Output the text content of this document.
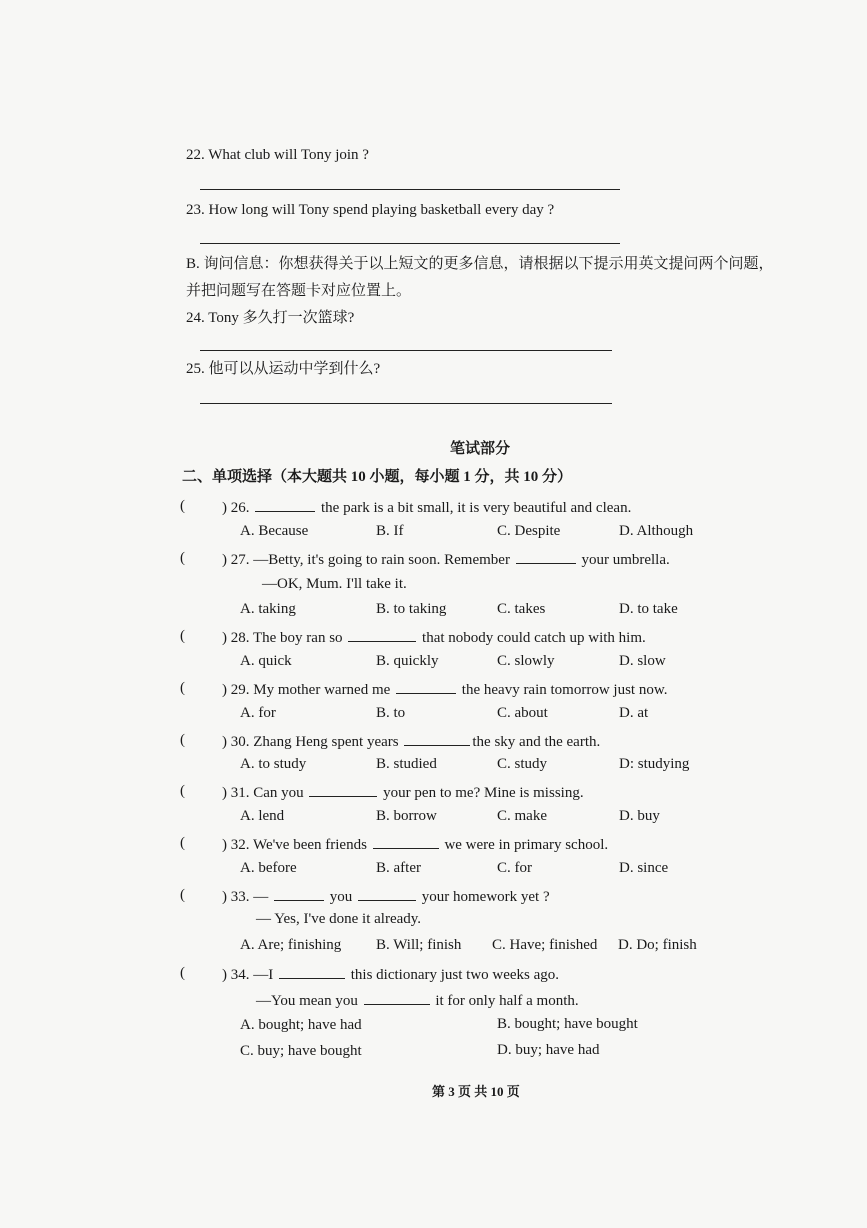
22. What club will Tony join ?
23. How long will Tony spend playing basketball every day ?
B. 询问信息：你想获得关于以上短文的更多信息，请根据以下提示用英文提问两个问题，
并把问题写在答题卡对应位置上。
24. Tony 多久打一次篮球?
25. 他可以从运动中学到什么?
笔试部分
二、单项选择（本大题共 10 小题，每小题 1 分，共 10 分）
( ) 26.	the park is a bit small, it is very beautiful and clean.
A. Because	B. If	C. Despite	D. Although
( ) 27. —Betty, it's going to rain soon. Remember	your umbrella.
—OK, Mum. I'll take it.
A. taking	B. to taking	C. takes	D. to take
( ) 28. The boy ran so	that nobody could catch up with him.
A. quick	B. quickly	C. slowly	D. slow
( ) 29. My mother warned me	the heavy rain tomorrow just now.
A. for	B. to	C. about	D. at
( ) 30. Zhang Heng spent years	the sky and the earth.
A. to study	B. studied	C. study	D: studying
( ) 31. Can you	your pen to me? Mine is missing.
A. lend	B. borrow	C. make	D. buy
( ) 32. We've been friends	we were in primary school.
A. before	B. after	C. for	D. since
( ) 33. —	you	your homework yet ?
— Yes, I've done it already.
A. Are; finishing B. Will; finish C. Have; finished D. Do; finish
( ) 34. —I	this dictionary just two weeks ago.
—You mean you	it for only half a month.
A. bought; have had	B. bought; have bought
C. buy; have bought	D. buy; have had
第 3 页 共 10 页
